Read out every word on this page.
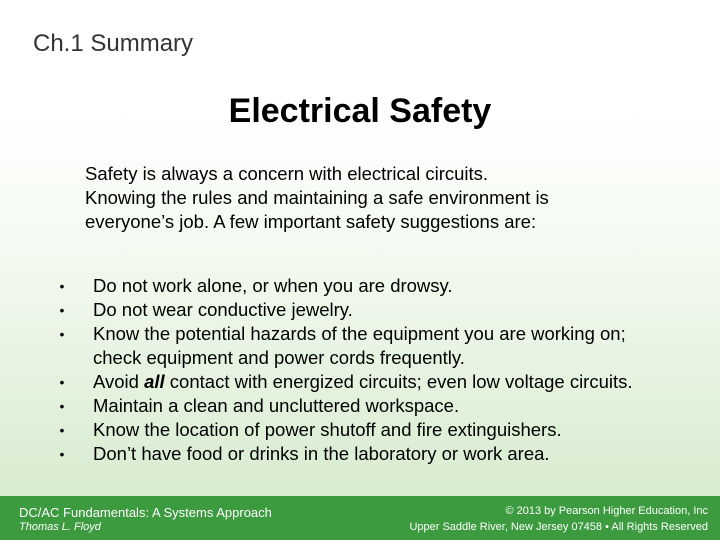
Ch.1 Summary
Electrical Safety
Safety is always a concern with electrical circuits.
Knowing the rules and maintaining a safe environment is
everyone’s job. A few important safety suggestions are:
• Do not work alone, or when you are drowsy.
• Do not wear conductive jewelry.
• Know the potential hazards of the equipment you are working on;
check equipment and power cords frequently.
• Avoid all contact with energized circuits; even low voltage circuits.
• Maintain a clean and uncluttered workspace.
• Know the location of power shutoff and fire extinguishers.
• Don’t have food or drinks in the laboratory or work area.
DC/AC Fundamentals: A Systems Approach
Thomas L. Floyd
© 2013 by Pearson Higher Education, Inc
Upper Saddle River, New Jersey 07458 • All Rights Reserved
